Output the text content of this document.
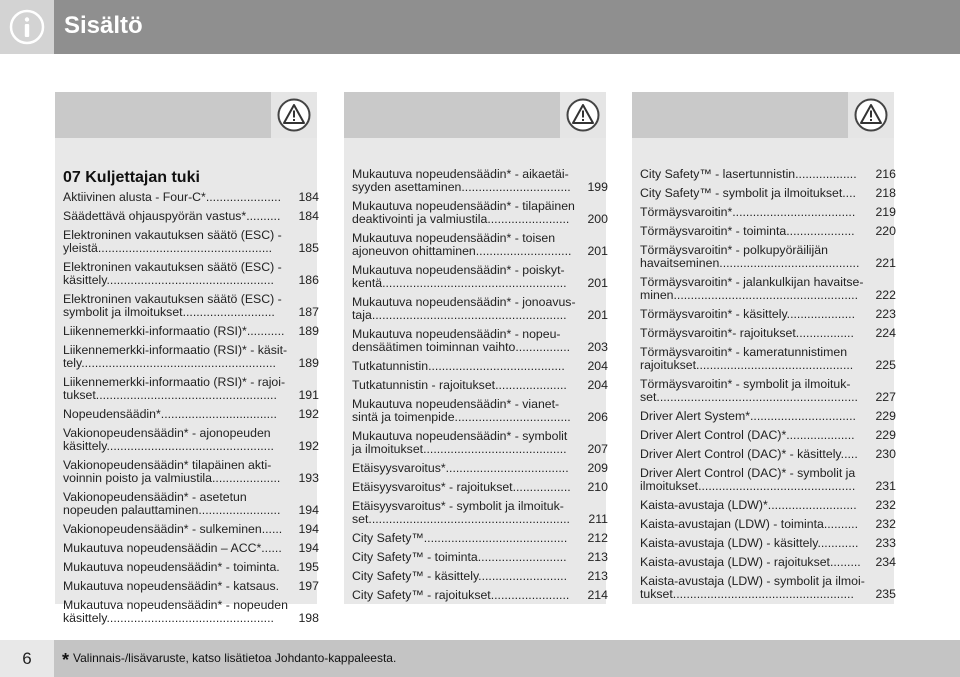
Sisältö
07 Kuljettajan tuki
Aktiivinen alusta - Four-C*...................... 184
Säädettävä ohjauspyörän vastus*.......... 184
Elektroninen vakautuksen säätö (ESC) -
yleistä................................................... 185
Elektroninen vakautuksen säätö (ESC) -
käsittely................................................. 186
Elektroninen vakautuksen säätö (ESC) -
symbolit ja ilmoitukset........................... 187
Liikennemerkki-informaatio (RSI)*........... 189
Liikennemerkki-informaatio (RSI)* - käsit-
tely......................................................... 189
Liikennemerkki-informaatio (RSI)* - rajoi-
tukset..................................................... 191
Nopeudensäädin*.................................. 192
Vakionopeudensäädin* - ajonopeuden
käsittely................................................. 192
Vakionopeudensäädin* tilapäinen akti-
voinnin poisto ja valmiustila.................... 193
Vakionopeudensäädin* - asetetun
nopeuden palauttaminen........................ 194
Vakionopeudensäädin* - sulkeminen...... 194
Mukautuva nopeudensäädin – ACC*...... 194
Mukautuva nopeudensäädin* - toiminta. 195
Mukautuva nopeudensäädin* - katsaus. 197
Mukautuva nopeudensäädin* - nopeuden
käsittely................................................. 198
Mukautuva nopeudensäädin* - aikaetäi-
syyden asettaminen................................ 199
Mukautuva nopeudensäädin* - tilapäinen
deaktivointi ja valmiustila........................ 200
Mukautuva nopeudensäädin* - toisen
ajoneuvon ohittaminen............................ 201
Mukautuva nopeudensäädin* - poiskyt-
kentä...................................................... 201
Mukautuva nopeudensäädin* - jonoavus-
taja......................................................... 201
Mukautuva nopeudensäädin* - nopeu-
densäätimen toiminnan vaihto................ 203
Tutkatunnistin........................................ 204
Tutkatunnistin - rajoitukset..................... 204
Mukautuva nopeudensäädin* - vianet-
sintä ja toimenpide.................................. 206
Mukautuva nopeudensäädin* - symbolit
ja ilmoitukset.......................................... 207
Etäisyysvaroitus*.................................... 209
Etäisyysvaroitus* - rajoitukset................. 210
Etäisyysvaroitus* - symbolit ja ilmoituk-
set........................................................... 211
City Safety™.......................................... 212
City Safety™ - toiminta.......................... 213
City Safety™ - käsittely.......................... 213
City Safety™ - rajoitukset....................... 214
City Safety™ - lasertunnistin.................. 216
City Safety™ - symbolit ja ilmoitukset.... 218
Törmäysvaroitin*.................................... 219
Törmäysvaroitin* - toiminta.................... 220
Törmäysvaroitin* - polkupyöräilijän
havaitseminen......................................... 221
Törmäysvaroitin* - jalankulkijan havaitse-
minen...................................................... 222
Törmäysvaroitin* - käsittely.................... 223
Törmäysvaroitin*- rajoitukset................. 224
Törmäysvaroitin* - kameratunnistimen
rajoitukset.............................................. 225
Törmäysvaroitin* - symbolit ja ilmoituk-
set........................................................... 227
Driver Alert System*............................... 229
Driver Alert Control (DAC)*.................... 229
Driver Alert Control (DAC)* - käsittely..... 230
Driver Alert Control (DAC)* - symbolit ja
ilmoitukset.............................................. 231
Kaista-avustaja (LDW)*.......................... 232
Kaista-avustajan (LDW) - toiminta.......... 232
Kaista-avustaja (LDW) - käsittely............ 233
Kaista-avustaja (LDW) - rajoitukset......... 234
Kaista-avustaja (LDW) - symbolit ja ilmoi-
tukset..................................................... 235
6	* Valinnais-/lisävaruste, katso lisätietoa Johdanto-kappaleesta.
